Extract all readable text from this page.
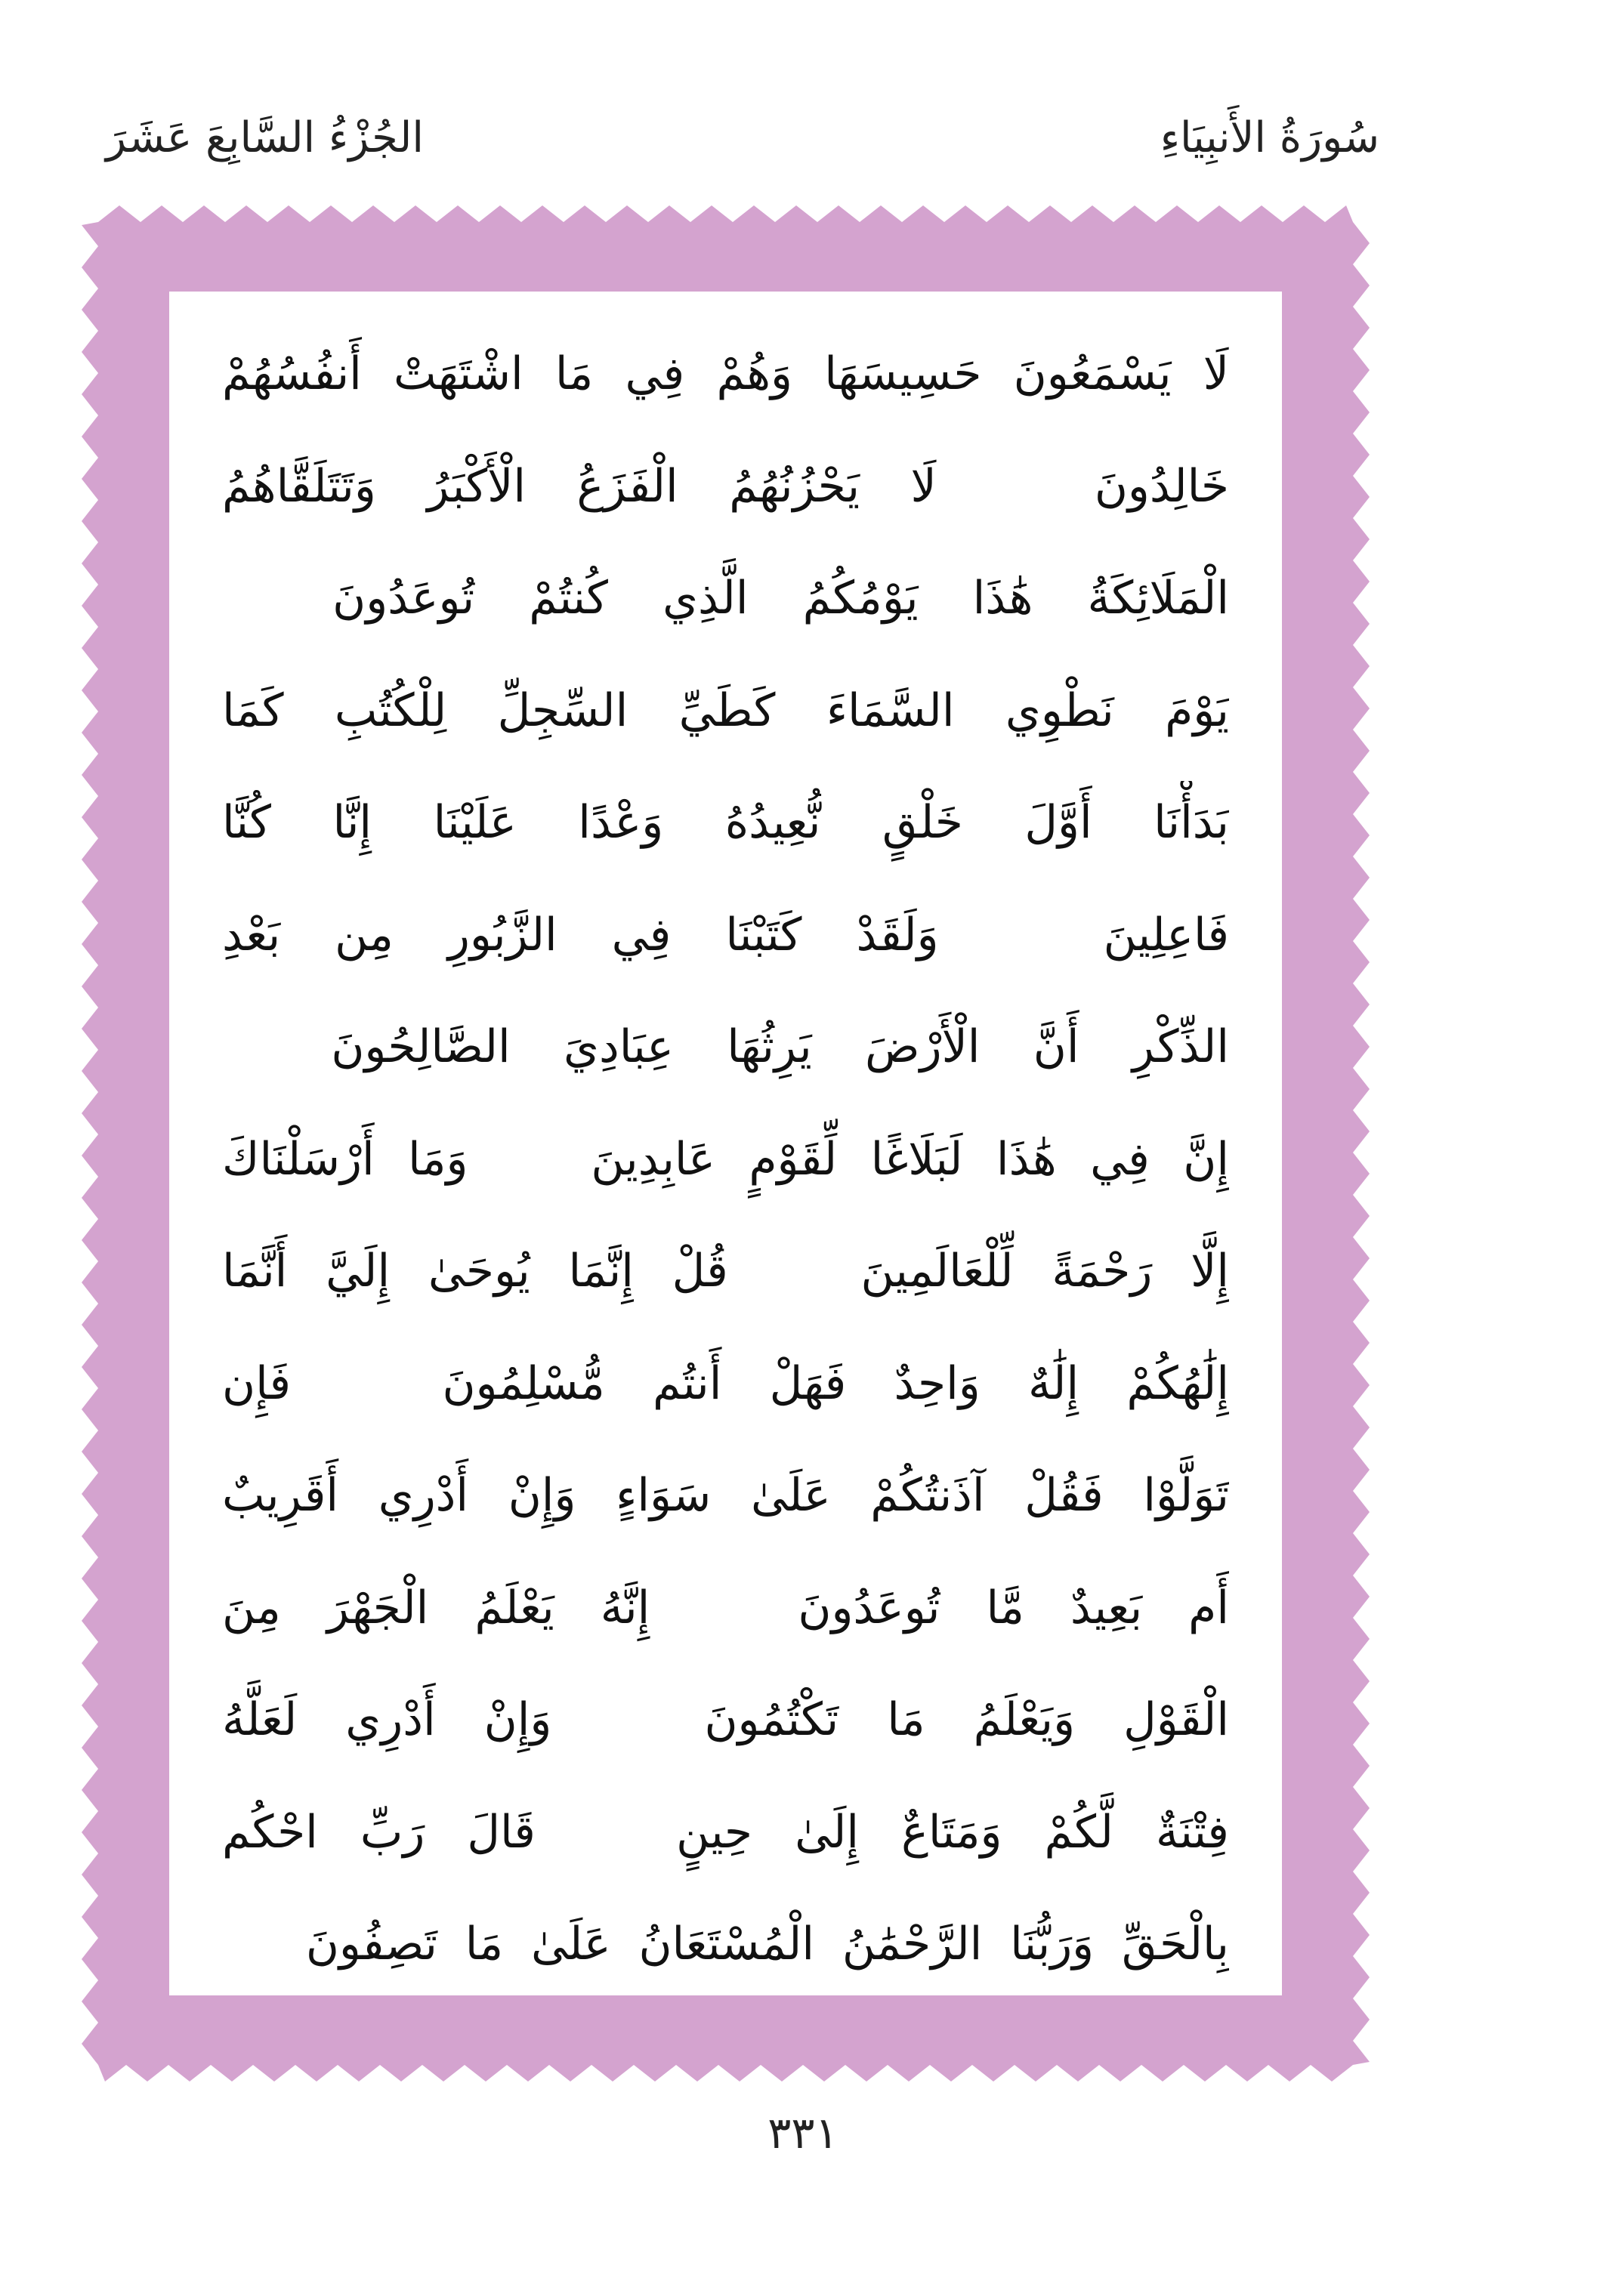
سُورَةُ الأَنبِيَاءِ
الجُزْءُ السَّابِعَ عَشَرَ
لَا يَسْمَعُونَ حَسِيسَهَا وَهُمْ فِي مَا اشْتَهَتْ أَنفُسُهُمْ
خَالِدُونَ ١٠١ لَا يَحْزُنُهُمُ الْفَزَعُ الْأَكْبَرُ وَتَتَلَقَّاهُمُ
الْمَلَائِكَةُ هَٰذَا يَوْمُكُمُ الَّذِي كُنتُمْ تُوعَدُونَ ١٠٢
يَوْمَ نَطْوِي السَّمَاءَ كَطَيِّ السِّجِلِّ لِلْكُتُبِ كَمَا
بَدَأْنَا أَوَّلَ خَلْقٍ نُّعِيدُهُ وَعْدًا عَلَيْنَا إِنَّا كُنَّا
فَاعِلِينَ ١٠٣ وَلَقَدْ كَتَبْنَا فِي الزَّبُورِ مِن بَعْدِ
الذِّكْرِ أَنَّ الْأَرْضَ يَرِثُهَا عِبَادِيَ الصَّالِحُونَ ١٠٤
إِنَّ فِي هَٰذَا لَبَلَاغًا لِّقَوْمٍ عَابِدِينَ ١٠٥ وَمَا أَرْسَلْنَاكَ
إِلَّا رَحْمَةً لِّلْعَالَمِينَ ١٠٦ قُلْ إِنَّمَا يُوحَىٰ إِلَيَّ أَنَّمَا
إِلَٰهُكُمْ إِلَٰهٌ وَاحِدٌ فَهَلْ أَنتُم مُّسْلِمُونَ ١٠٧ فَإِن
تَوَلَّوْا فَقُلْ آذَنتُكُمْ عَلَىٰ سَوَاءٍ وَإِنْ أَدْرِي أَقَرِيبٌ
أَم بَعِيدٌ مَّا تُوعَدُونَ ١٠٨ إِنَّهُ يَعْلَمُ الْجَهْرَ مِنَ
الْقَوْلِ وَيَعْلَمُ مَا تَكْتُمُونَ ١٠٩ وَإِنْ أَدْرِي لَعَلَّهُ
فِتْنَةٌ لَّكُمْ وَمَتَاعٌ إِلَىٰ حِينٍ ١١٠ قَالَ رَبِّ احْكُم
بِالْحَقِّ وَرَبُّنَا الرَّحْمَٰنُ الْمُسْتَعَانُ عَلَىٰ مَا تَصِفُونَ ١١١
٣٣١
